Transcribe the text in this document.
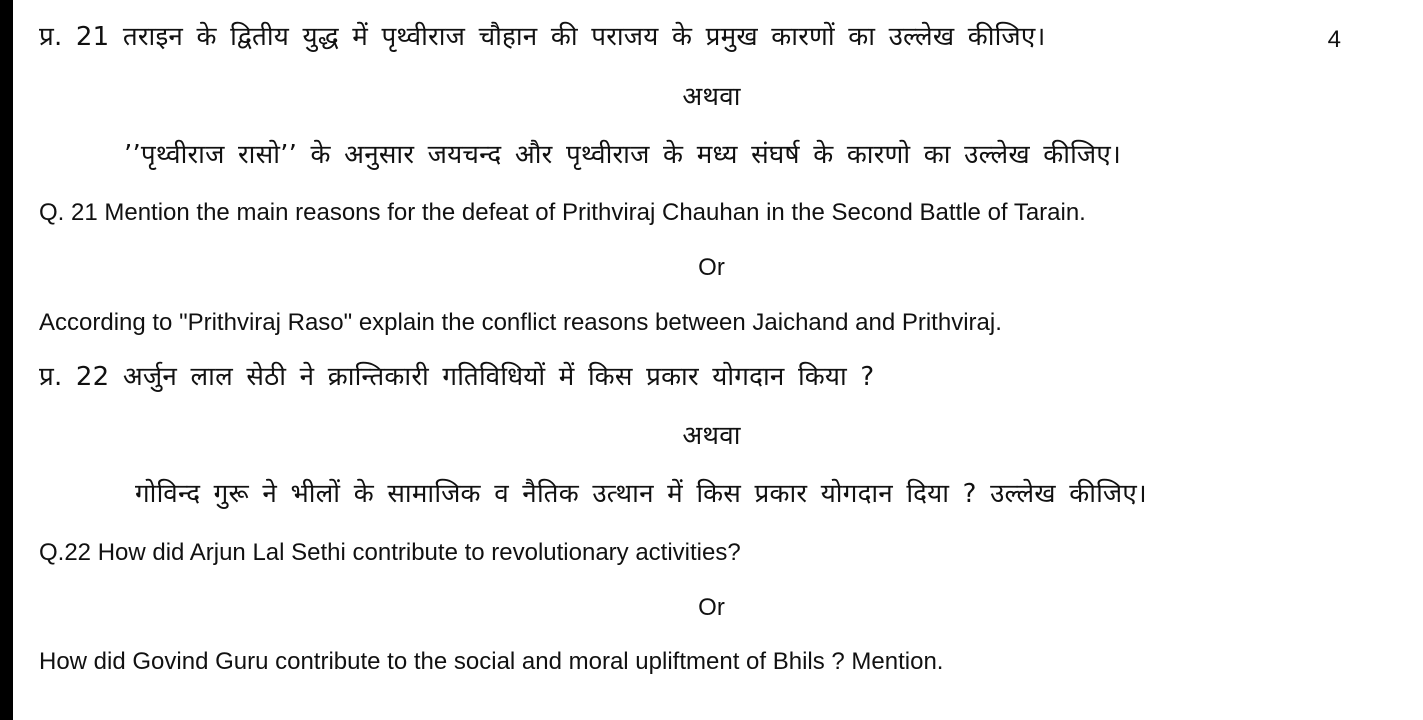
प्र. 21 तराइन के द्वितीय युद्ध में पृथ्वीराज चौहान की पराजय के प्रमुख कारणों का उल्लेख कीजिए।	4
अथवा
’’पृथ्वीराज रासो’’ के अनुसार जयचन्द और पृथ्वीराज के मध्य संघर्ष के कारणो का उल्लेख कीजिए।
Q. 21 Mention the main reasons for the defeat of Prithviraj Chauhan in the Second Battle of Tarain.
Or
According to "Prithviraj Raso" explain the conflict reasons between Jaichand and Prithviraj.
प्र. 22 अर्जुन लाल सेठी ने क्रान्तिकारी गतिविधियों में किस प्रकार योगदान किया ?
अथवा
गोविन्द गुरू ने भीलों के सामाजिक व नैतिक उत्थान में किस प्रकार योगदान दिया ? उल्लेख कीजिए।
Q.22 How did Arjun Lal Sethi contribute to revolutionary activities?
Or
How did Govind Guru contribute to the social and moral upliftment of Bhils ? Mention.
